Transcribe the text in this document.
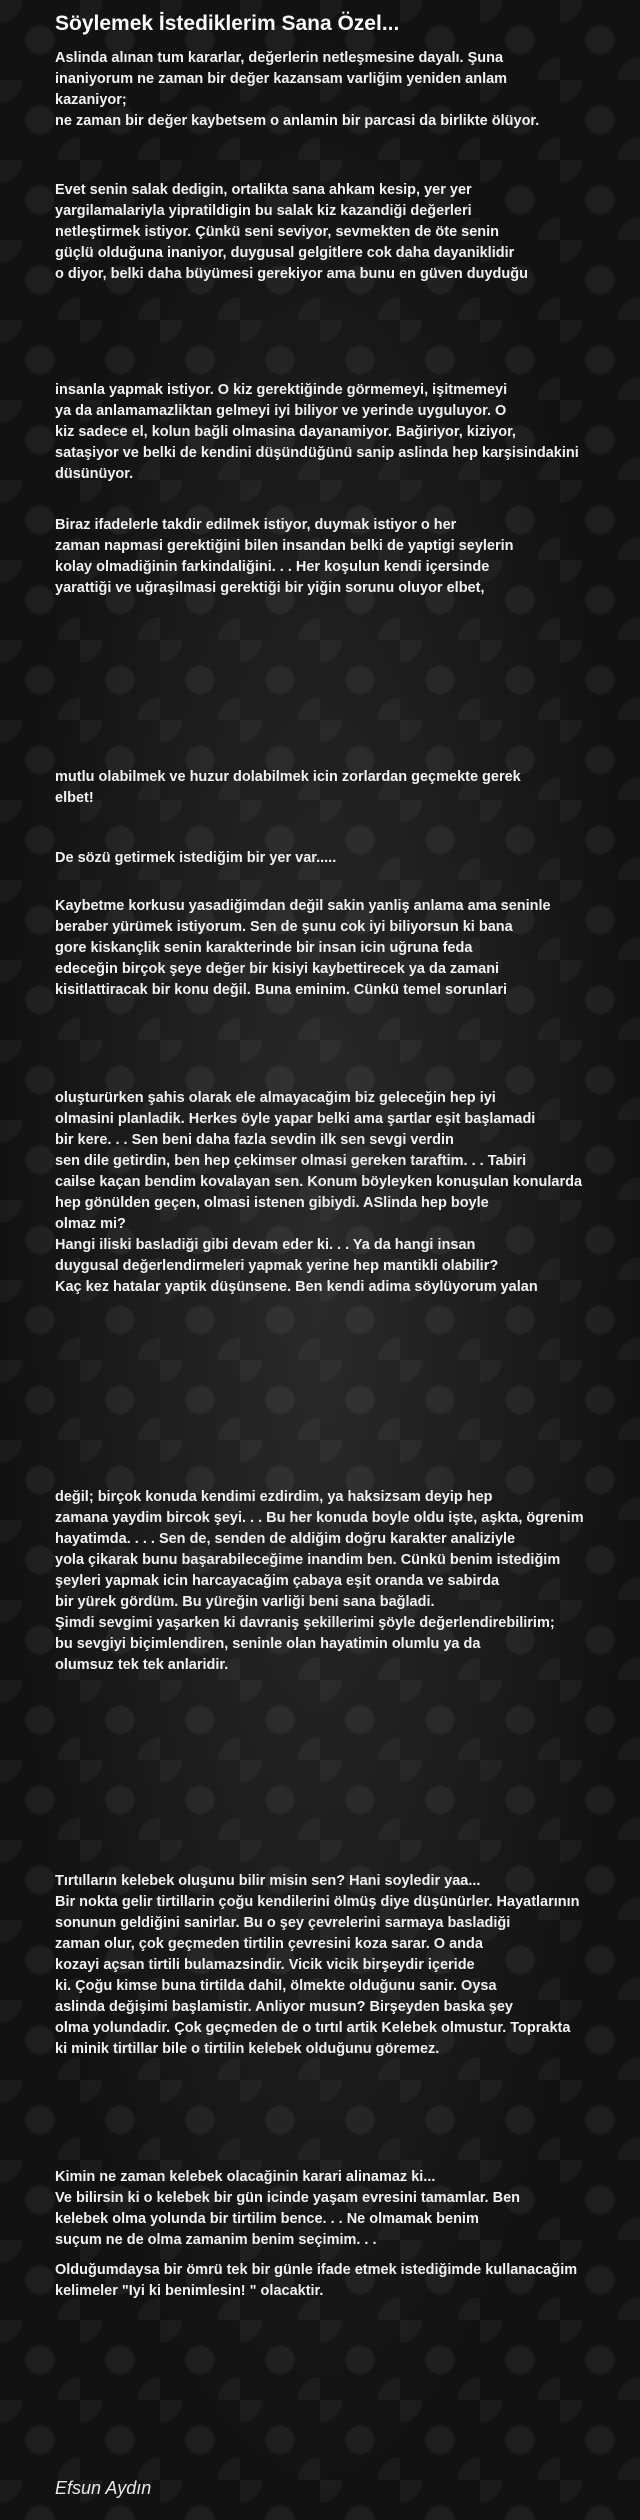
Söylemek İstediklerim Sana Özel...
Aslinda alınan tum kararlar, değerlerin netleşmesine dayalı. Şuna
inaniyorum ne zaman bir değer kazansam varliğim yeniden anlam
kazaniyor;
ne zaman bir değer kaybetsem o anlamin bir parcasi da birlikte ölüyor.
Evet senin salak dedigin, ortalikta sana ahkam kesip, yer yer
yargilamalariyla yipratildigin bu salak kiz kazandiği değerleri
netleştirmek istiyor. Çünkü seni seviyor, sevmekten de öte senin
güçlü olduğuna inaniyor, duygusal gelgitlere cok daha dayaniklidir
o diyor, belki daha büyümesi gerekiyor ama bunu en güven duyduğu
insanla yapmak istiyor. O kiz gerektiğinde görmemeyi, işitmemeyi
ya da anlamamazliktan gelmeyi iyi biliyor ve yerinde uyguluyor. O
kiz sadece el, kolun bağli olmasina dayanamiyor. Bağiriyor, kiziyor,
sataşiyor ve belki de kendini düşündüğünü sanip aslinda hep karşisindakini
düsünüyor.
Biraz ifadelerle takdir edilmek istiyor, duymak istiyor o her
zaman napmasi gerektiğini bilen insandan belki de yaptigi seylerin
kolay olmadiğinin farkindaliğini. . . Her koşulun kendi içersinde
yarattiği ve uğraşilmasi gerektiği bir yiğin sorunu oluyor elbet,
mutlu olabilmek ve huzur dolabilmek icin zorlardan geçmekte gerek
elbet!
De sözü getirmek istediğim bir yer var.....
Kaybetme korkusu yasadiğimdan değil sakin yanliş anlama ama seninle
beraber yürümek istiyorum. Sen de şunu cok iyi biliyorsun ki bana
gore kiskançlik senin karakterinde bir insan icin uğruna feda
edeceğin birçok şeye değer bir kisiyi kaybettirecek ya da zamani
kisitlattiracak bir konu değil. Buna eminim. Cünkü temel sorunlari
oluşturürken şahis olarak ele almayacağim biz geleceğin hep iyi
olmasini planladik. Herkes öyle yapar belki ama şartlar eşit başlamadi
bir kere. . . Sen beni daha fazla sevdin ilk sen sevgi verdin
sen dile getirdin, ben hep çekimser olmasi gereken taraftim. . . Tabiri
cailse kaçan bendim kovalayan sen. Konum böyleyken konuşulan konularda
hep gönülden geçen, olmasi istenen gibiydi. ASlinda hep boyle
olmaz mi?
Hangi iliski basladiği gibi devam eder ki. . . Ya da hangi insan
duygusal değerlendirmeleri yapmak yerine hep mantikli olabilir?
Kaç kez hatalar yaptik düşünsene. Ben kendi adima söylüyorum yalan
değil; birçok konuda kendimi ezdirdim, ya haksizsam deyip hep
zamana yaydim bircok şeyi. . . Bu her konuda boyle oldu işte, aşkta, ögrenim
hayatimda. . . . Sen de, senden de aldiğim doğru karakter analiziyle
yola çikarak bunu başarabileceğime inandim ben. Cünkü benim istediğim
şeyleri yapmak icin harcayacağim çabaya eşit oranda ve sabirda
bir yürek gördüm. Bu yüreğin varliği beni sana bağladi.
Şimdi sevgimi yaşarken ki davraniş şekillerimi şöyle değerlendirebilirim;
bu sevgiyi biçimlendiren, seninle olan hayatimin olumlu ya da
olumsuz tek tek anlaridir.
Tırtılların kelebek oluşunu bilir misin sen? Hani soyledir yaa...
Bir nokta gelir tirtillarin çoğu kendilerini ölmüş diye düşünürler. Hayatlarının
sonunun geldiğini sanirlar. Bu o şey çevrelerini sarmaya basladiği
zaman olur, çok geçmeden tirtilin çevresini koza sarar. O anda
kozayi açsan tirtili bulamazsindir. Vicik vicik birşeydir içeride
ki. Çoğu kimse buna tirtilda dahil, ölmekte olduğunu sanir. Oysa
aslinda değişimi başlamistir. Anliyor musun? Birşeyden baska şey
olma yolundadir. Çok geçmeden de o tırtıl artik Kelebek olmustur. Toprakta
ki minik tirtillar bile o tirtilin kelebek olduğunu göremez.
Kimin ne zaman kelebek olacağinin karari alinamaz ki...
Ve bilirsin ki o kelebek bir gün icinde yaşam evresini tamamlar. Ben
kelebek olma yolunda bir tirtilim bence. . . Ne olmamak benim
suçum ne de olma zamanim benim seçimim. . .
Olduğumdaysa bir ömrü tek bir günle ifade etmek istediğimde kullanacağim
kelimeler "Iyi ki benimlesin! " olacaktir.
Efsun Aydın
